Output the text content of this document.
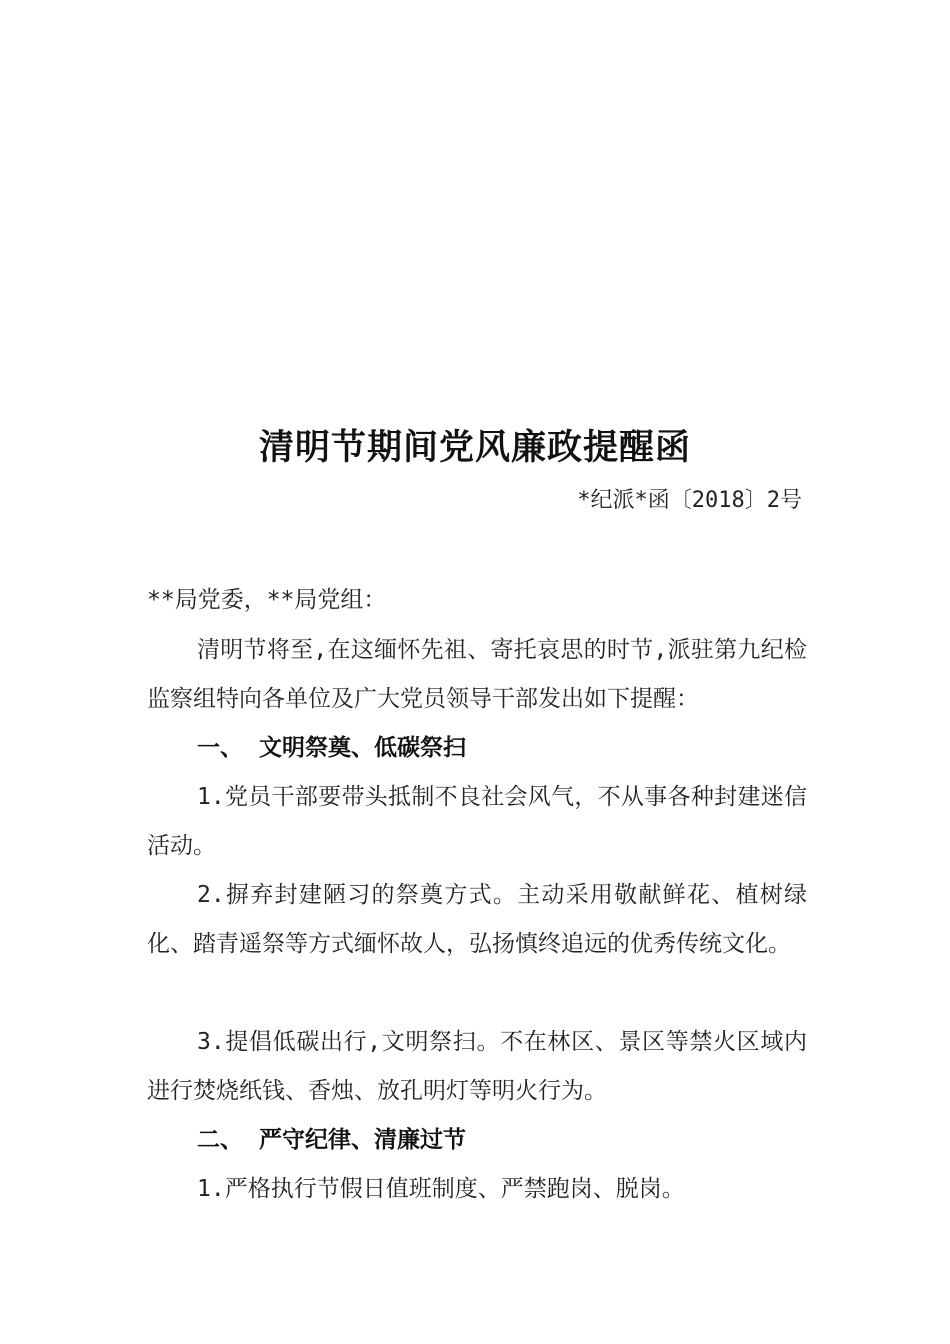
清明节期间党风廉政提醒函
*纪派*函〔2018〕2号
**局党委，**局党组：
清明节将至,在这缅怀先祖、寄托哀思的时节,派驻第九纪检监察组特向各单位及广大党员领导干部发出如下提醒：
一、 文明祭奠、低碳祭扫
1.党员干部要带头抵制不良社会风气，不从事各种封建迷信活动。
2.摒弃封建陋习的祭奠方式。主动采用敬献鲜花、植树绿化、踏青遥祭等方式缅怀故人，弘扬慎终追远的优秀传统文化。
3.提倡低碳出行,文明祭扫。不在林区、景区等禁火区域内进行焚烧纸钱、香烛、放孔明灯等明火行为。
二、 严守纪律、清廉过节
1.严格执行节假日值班制度、严禁跑岗、脱岗。
